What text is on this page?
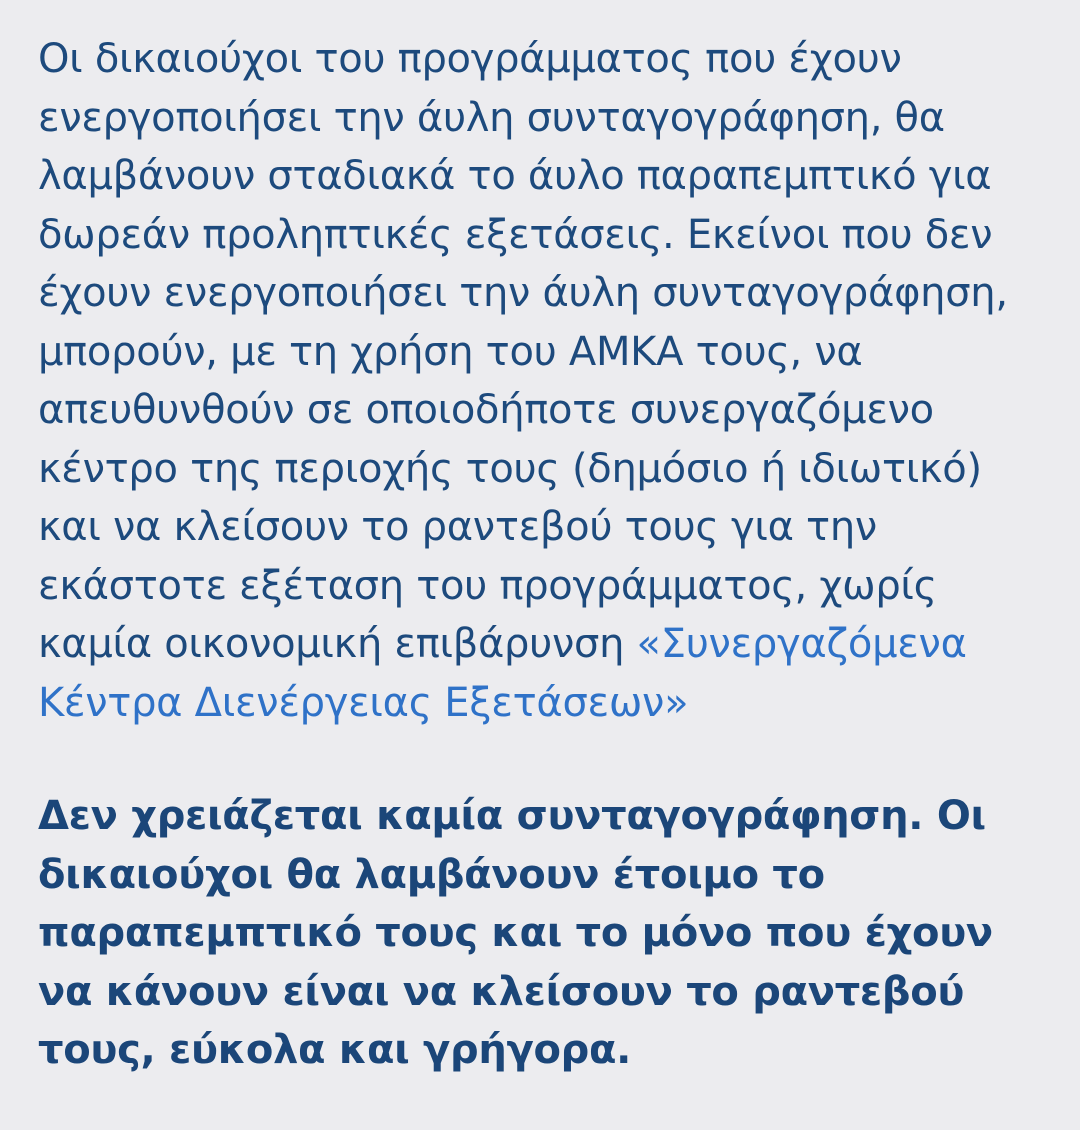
Οι δικαιούχοι του προγράμματος που έχουν ενεργοποιήσει την άυλη συνταγογράφηση, θα λαμβάνουν σταδιακά το άυλο παραπεμπτικό για δωρεάν προληπτικές εξετάσεις. Εκείνοι που δεν έχουν ενεργοποιήσει την άυλη συνταγογράφηση, μπορούν, με τη χρήση του ΑΜΚΑ τους, να απευθυνθούν σε οποιοδήποτε συνεργαζόμενο κέντρο της περιοχής τους (δημόσιο ή ιδιωτικό) και να κλείσουν το ραντεβού τους για την εκάστοτε εξέταση του προγράμματος, χωρίς καμία οικονομική επιβάρυνση «Συνεργαζόμενα Κέντρα Διενέργειας Εξετάσεων»

Δεν χρειάζεται καμία συνταγογράφηση. Οι δικαιούχοι θα λαμβάνουν έτοιμο το παραπεμπτικό τους και το μόνο που έχουν να κάνουν είναι να κλείσουν το ραντεβού τους, εύκολα και γρήγορα.
